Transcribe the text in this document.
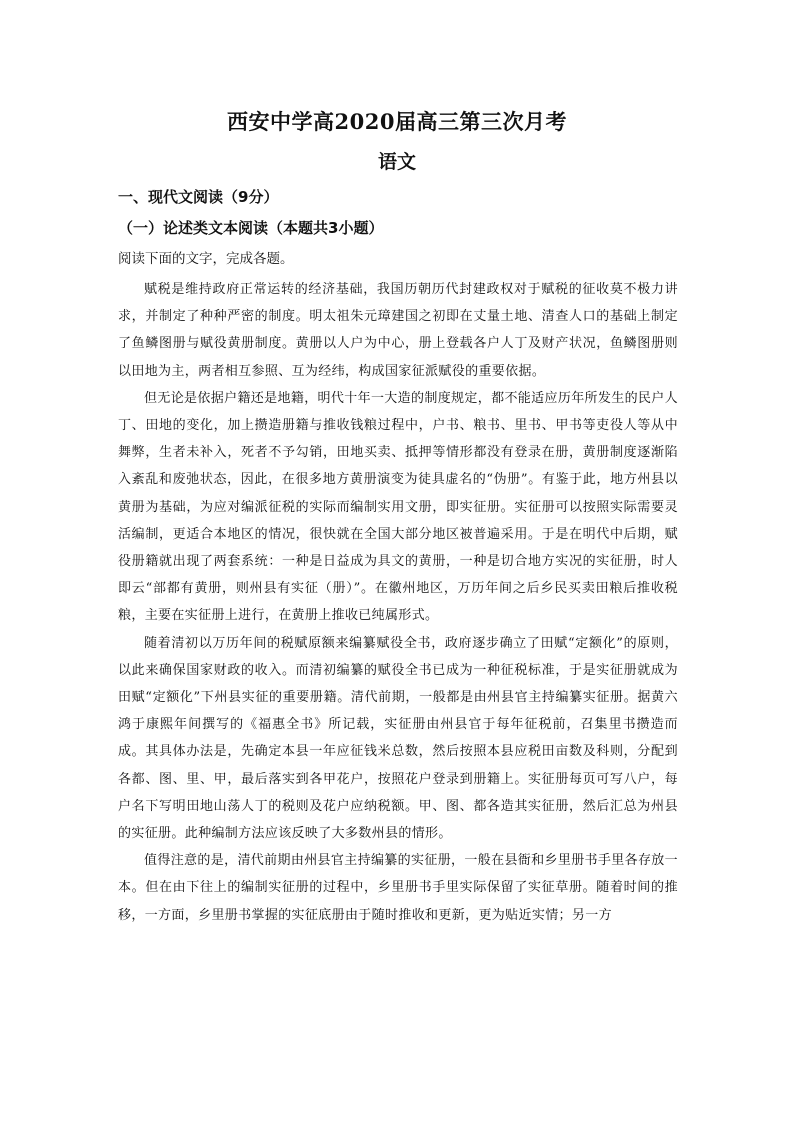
西安中学高2020届高三第三次月考
语文
一、现代文阅读（9分）
（一）论述类文本阅读（本题共3小题）
阅读下面的文字，完成各题。

赋税是维持政府正常运转的经济基础，我国历朝历代封建政权对于赋税的征收莫不极力讲求，并制定了种种严密的制度。明太祖朱元璋建国之初即在丈量土地、清查人口的基础上制定了鱼鳞图册与赋役黄册制度。黄册以人户为中心，册上登载各户人丁及财产状况，鱼鳞图册则以田地为主，两者相互参照、互为经纬，构成国家征派赋役的重要依据。

但无论是依据户籍还是地籍，明代十年一大造的制度规定，都不能适应历年所发生的民户人丁、田地的变化，加上攒造册籍与推收钱粮过程中，户书、粮书、里书、甲书等吏役人等从中舞弊，生者未补入，死者不予勾销，田地买卖、抵押等情形都没有登录在册，黄册制度逐渐陷入紊乱和废弛状态，因此，在很多地方黄册演变为徒具虚名的“伪册”。有鉴于此，地方州县以黄册为基础，为应对编派征税的实际而编制实用文册，即实征册。实征册可以按照实际需要灵活编制，更适合本地区的情况，很快就在全国大部分地区被普遍采用。于是在明代中后期，赋役册籍就出现了两套系统：一种是日益成为具文的黄册，一种是切合地方实况的实征册，时人即云“部都有黄册，则州县有实征（册）”。在徽州地区，万历年间之后乡民买卖田粮后推收税粮，主要在实征册上进行，在黄册上推收已纯属形式。

随着清初以万历年间的税赋原额来编纂赋役全书，政府逐步确立了田赋“定额化”的原则，以此来确保国家财政的收入。而清初编纂的赋役全书已成为一种征税标准，于是实征册就成为田赋“定额化”下州县实征的重要册籍。清代前期，一般都是由州县官主持编纂实征册。据黄六鸿于康熙年间撰写的《福惠全书》所记载，实征册由州县官于每年征税前，召集里书攒造而成。其具体办法是，先确定本县一年应征钱米总数，然后按照本县应税田亩数及科则，分配到各都、图、里、甲，最后落实到各甲花户，按照花户登录到册籍上。实征册每页可写八户，每户名下写明田地山荡人丁的税则及花户应纳税额。甲、图、都各造其实征册，然后汇总为州县的实征册。此种编制方法应该反映了大多数州县的情形。

值得注意的是，清代前期由州县官主持编纂的实征册，一般在县衙和乡里册书手里各存放一本。但在由下往上的编制实征册的过程中，乡里册书手里实际保留了实征草册。随着时间的推移，一方面，乡里册书掌握的实征底册由于随时推收和更新，更为贴近实情；另一方
